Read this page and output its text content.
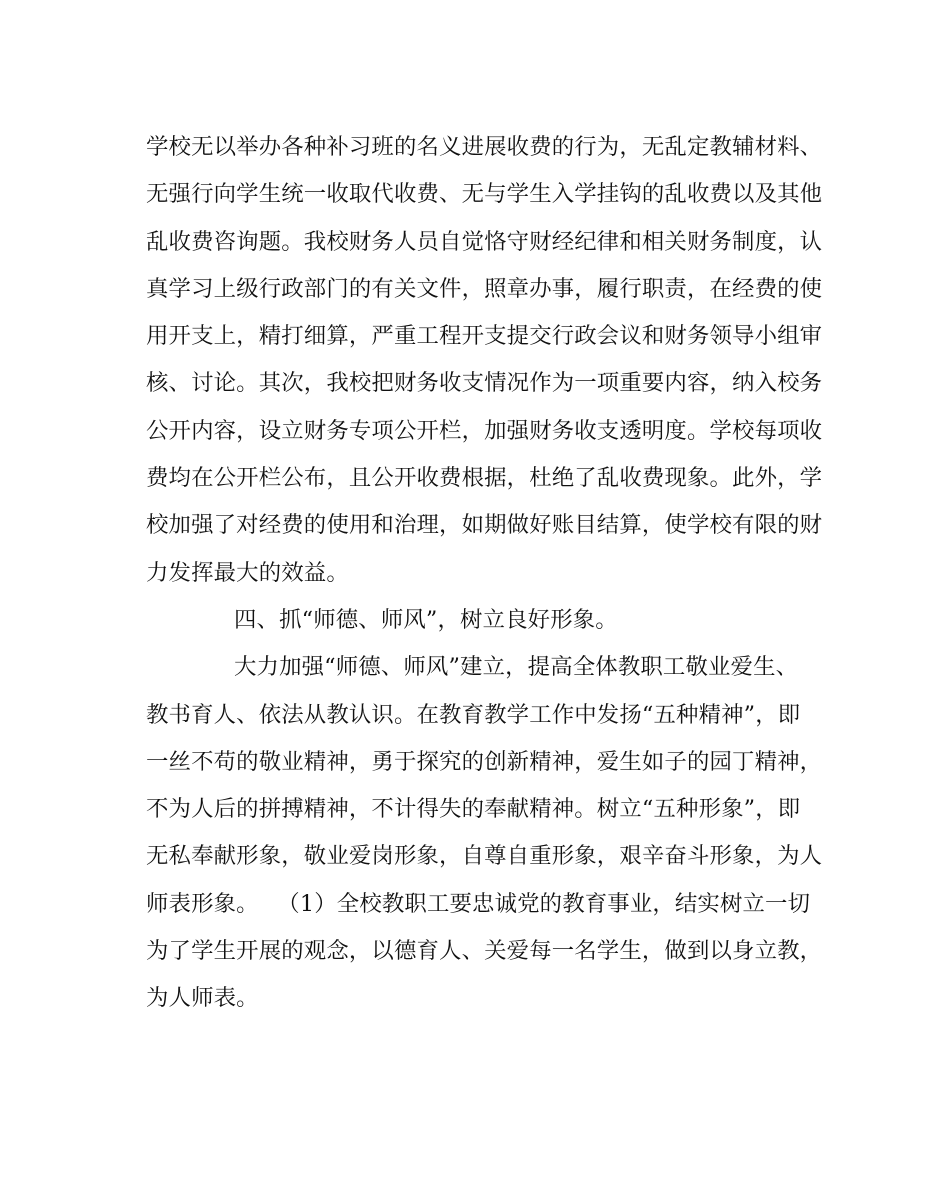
学校无以举办各种补习班的名义进展收费的行为，无乱定教辅材料、
无强行向学生统一收取代收费、无与学生入学挂钩的乱收费以及其他
乱收费咨询题。我校财务人员自觉恪守财经纪律和相关财务制度，认
真学习上级行政部门的有关文件，照章办事，履行职责，在经费的使
用开支上，精打细算，严重工程开支提交行政会议和财务领导小组审
核、讨论。其次，我校把财务收支情况作为一项重要内容，纳入校务
公开内容，设立财务专项公开栏，加强财务收支透明度。学校每项收
费均在公开栏公布，且公开收费根据，杜绝了乱收费现象。此外，学
校加强了对经费的使用和治理，如期做好账目结算，使学校有限的财
力发挥最大的效益。
四、抓“师德、师风”，树立良好形象。
大力加强“师德、师风”建立，提高全体教职工敬业爱生、
教书育人、依法从教认识。在教育教学工作中发扬“五种精神”，即
一丝不苟的敬业精神，勇于探究的创新精神，爱生如子的园丁精神，
不为人后的拼搏精神，不计得失的奉献精神。树立“五种形象”，即
无私奉献形象，敬业爱岗形象，自尊自重形象，艰辛奋斗形象，为人
师表形象。　 （1）全校教职工要忠诚党的教育事业，结实树立一切
为了学生开展的观念，以德育人、关爱每一名学生，做到以身立教，
为人师表。
